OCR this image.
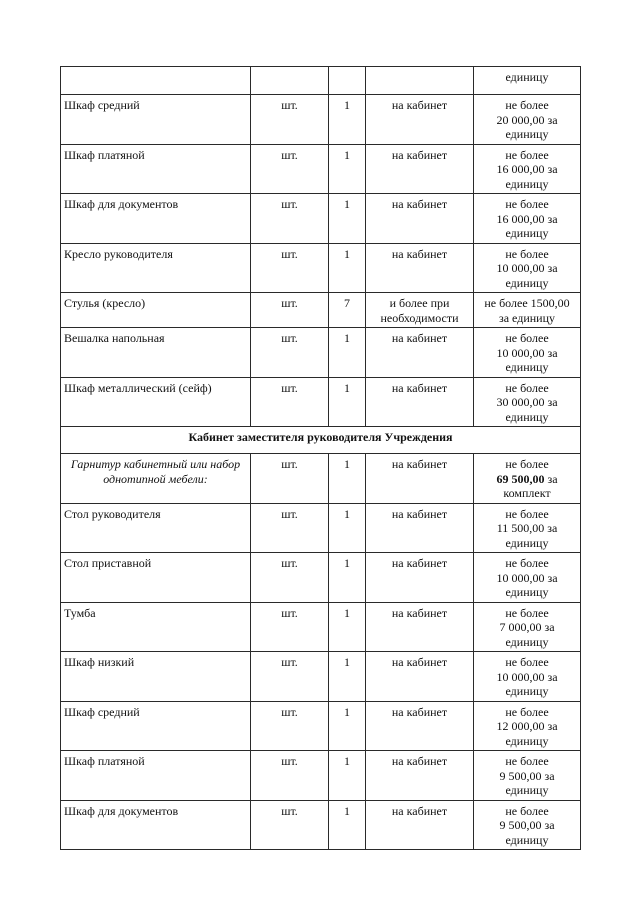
				единицу

Шкаф средний	шт.	1	на кабинет	не более
20 000,00 за
единицу

Шкаф платяной	шт.	1	на кабинет	не более
16 000,00 за
единицу

Шкаф для документов	шт.	1	на кабинет	не более
16 000,00 за
единицу

Кресло руководителя	шт.	1	на кабинет	не более
10 000,00 за
единицу

Стулья (кресло)	шт.	7	и более при необходимости	не более 1500,00
за единицу

Вешалка напольная	шт.	1	на кабинет	не более
10 000,00 за
единицу

Шкаф металлический (сейф)	шт.	1	на кабинет	не более
30 000,00 за
единицу

Кабинет заместителя руководителя Учреждения				
Гарнитур кабинетный или набор однотипной мебели:	шт.	1	на кабинет	не более
69 500,00 за
комплект

Стол руководителя	шт.	1	на кабинет	не более
11 500,00 за
единицу

Стол приставной	шт.	1	на кабинет	не более
10 000,00 за
единицу

Тумба	шт.	1	на кабинет	не более
7 000,00 за
единицу

Шкаф низкий	шт.	1	на кабинет	не более
10 000,00 за
единицу

Шкаф средний	шт.	1	на кабинет	не более
12 000,00 за
единицу

Шкаф платяной	шт.	1	на кабинет	не более
9 500,00 за
единицу

Шкаф для документов	шт.	1	на кабинет	не более
9 500,00 за
единицу
